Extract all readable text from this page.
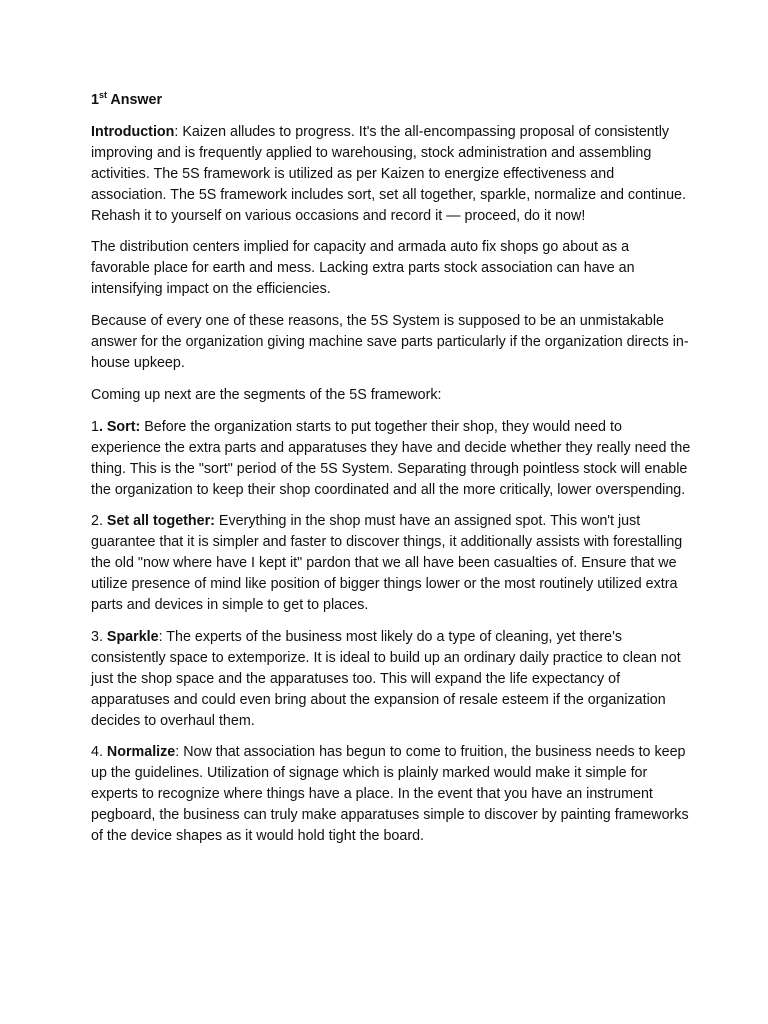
1st Answer

Introduction: Kaizen alludes to progress. It's the all-encompassing proposal of consistently improving and is frequently applied to warehousing, stock administration and assembling activities. The 5S framework is utilized as per Kaizen to energize effectiveness and association. The 5S framework includes sort, set all together, sparkle, normalize and continue. Rehash it to yourself on various occasions and record it — proceed, do it now!

The distribution centers implied for capacity and armada auto fix shops go about as a favorable place for earth and mess. Lacking extra parts stock association can have an intensifying impact on the efficiencies.

Because of every one of these reasons, the 5S System is supposed to be an unmistakable answer for the organization giving machine save parts particularly if the organization directs in-house upkeep.

Coming up next are the segments of the 5S framework:

1. Sort: Before the organization starts to put together their shop, they would need to experience the extra parts and apparatuses they have and decide whether they really need the thing. This is the "sort" period of the 5S System. Separating through pointless stock will enable the organization to keep their shop coordinated and all the more critically, lower overspending.

2. Set all together: Everything in the shop must have an assigned spot. This won't just guarantee that it is simpler and faster to discover things, it additionally assists with forestalling the old "now where have I kept it" pardon that we all have been casualties of. Ensure that we utilize presence of mind like position of bigger things lower or the most routinely utilized extra parts and devices in simple to get to places.

3. Sparkle: The experts of the business most likely do a type of cleaning, yet there's consistently space to extemporize. It is ideal to build up an ordinary daily practice to clean not just the shop space and the apparatuses too. This will expand the life expectancy of apparatuses and could even bring about the expansion of resale esteem if the organization decides to overhaul them.

4. Normalize: Now that association has begun to come to fruition, the business needs to keep up the guidelines. Utilization of signage which is plainly marked would make it simple for experts to recognize where things have a place. In the event that you have an instrument pegboard, the business can truly make apparatuses simple to discover by painting frameworks of the device shapes as it would hold tight the board.
